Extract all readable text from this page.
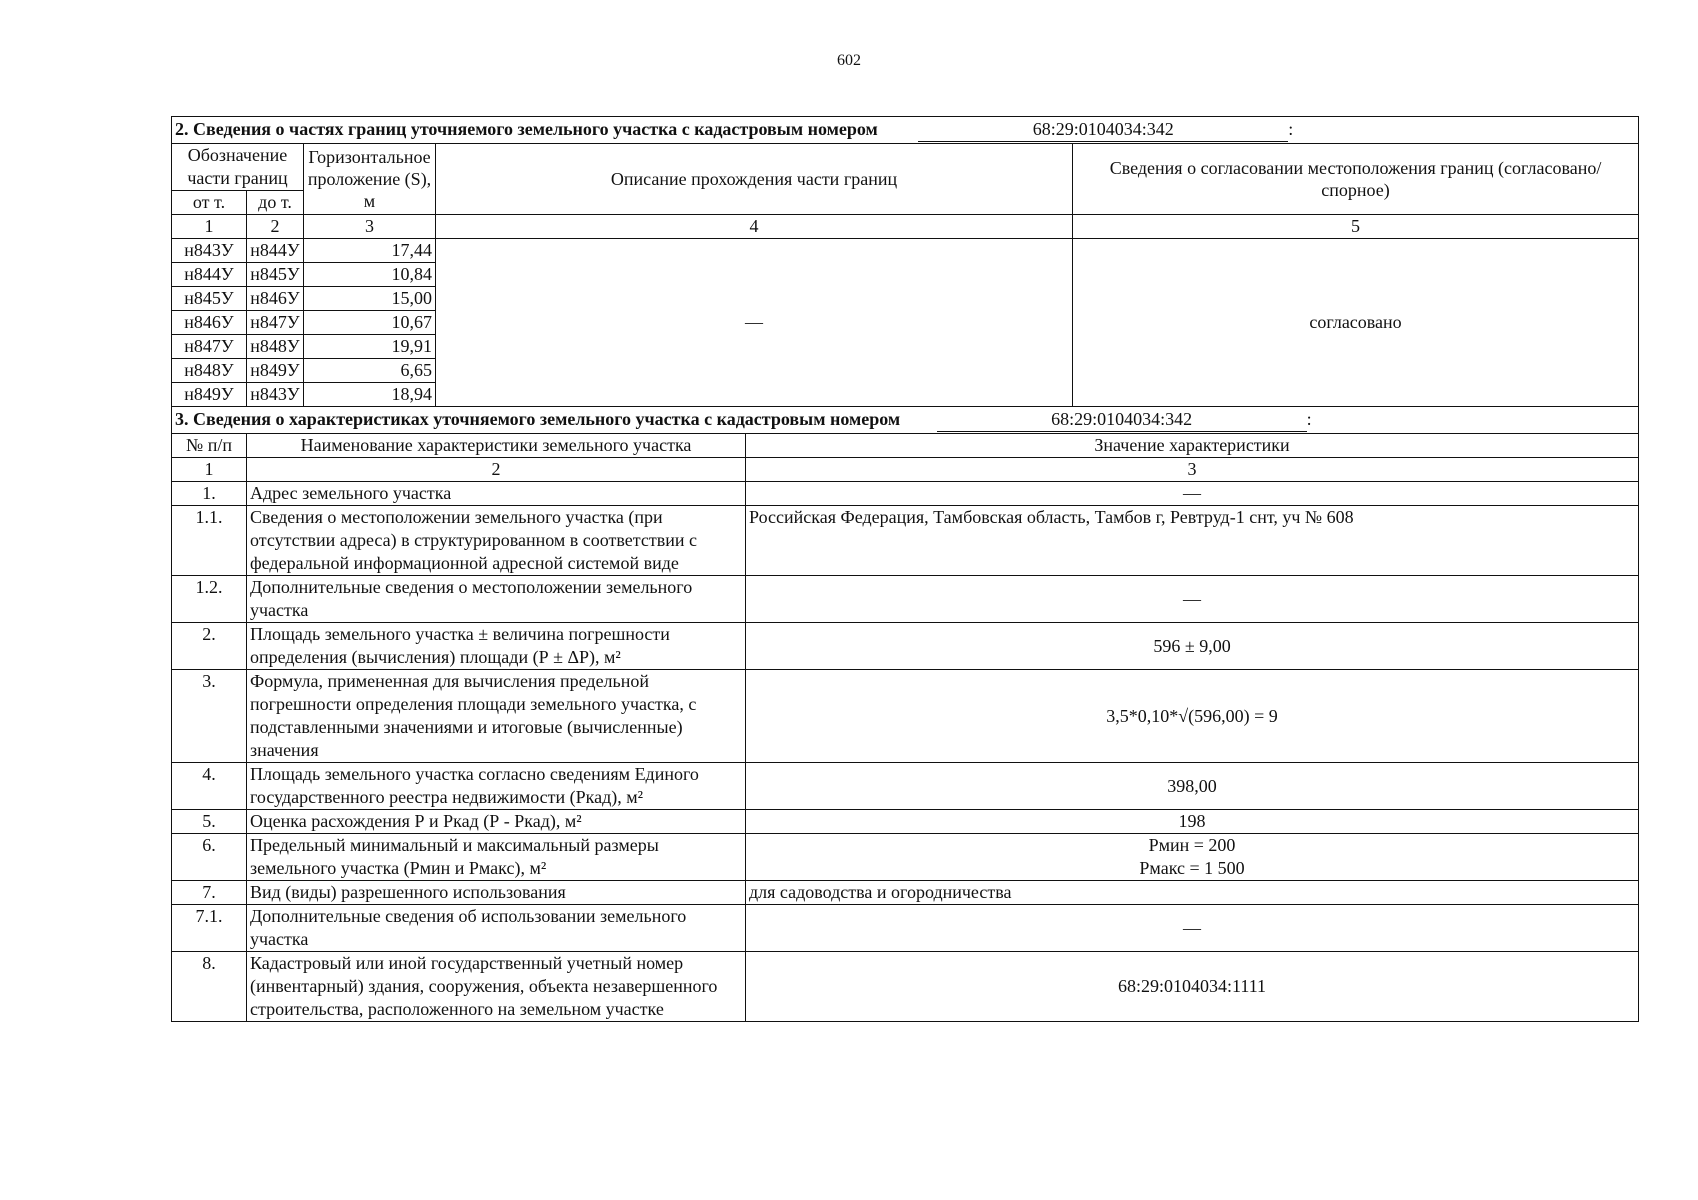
602
2. Сведения о частях границ уточняемого земельного участка с кадастровым номером 68:29:0104034:342 :					
Обозначение части границ		Горизонтальное проложение (S), м	Описание прохождения части границ		Сведения о согласовании местоположения границ (согласовано/спорное)
от т.	до т.				
1	2	3	4		5
н843У	н844У	17,44	—		согласовано
н844У	н845У	10,84			
н845У	н846У	15,00			
н846У	н847У	10,67			
н847У	н848У	19,91			
н848У	н849У	6,65			
н849У	н843У	18,94			
3. Сведения о характеристиках уточняемого земельного участка с кадастровым номером 68:29:0104034:342 :					
№ п/п	Наименование характеристики земельного участка			Значение характеристики	
1	2			3	
1.	Адрес земельного участка			—	
1.1.	Сведения о местоположении земельного участка (при отсутствии адреса) в структурированном в соответствии с федеральной информационной адресной системой виде			Российская Федерация, Тамбовская область, Тамбов г, Ревтруд-1 снт, уч № 608	
1.2.	Дополнительные сведения о местоположении земельного участка			—	
2.	Площадь земельного участка ± величина погрешности определения (вычисления) площади (Р ± ΔР), м²			596 ± 9,00	
3.	Формула, примененная для вычисления предельной погрешности определения площади земельного участка, с подставленными значениями и итоговые (вычисленные) значения			3,5*0,10*√(596,00) = 9	
4.	Площадь земельного участка согласно сведениям Единого государственного реестра недвижимости (Ркад), м²			398,00	
5.	Оценка расхождения Р и Ркад (Р - Ркад), м²			198	
6.	Предельный минимальный и максимальный размеры земельного участка (Рмин и Рмакс), м²			Рмин = 200
Рмакс = 1 500	

7.	Вид (виды) разрешенного использования			для садоводства и огородничества	
7.1.	Дополнительные сведения об использовании земельного участка			—	
8.	Кадастровый или иной государственный учетный номер (инвентарный) здания, сооружения, объекта незавершенного строительства, расположенного на земельном участке			68:29:0104034:1111	
